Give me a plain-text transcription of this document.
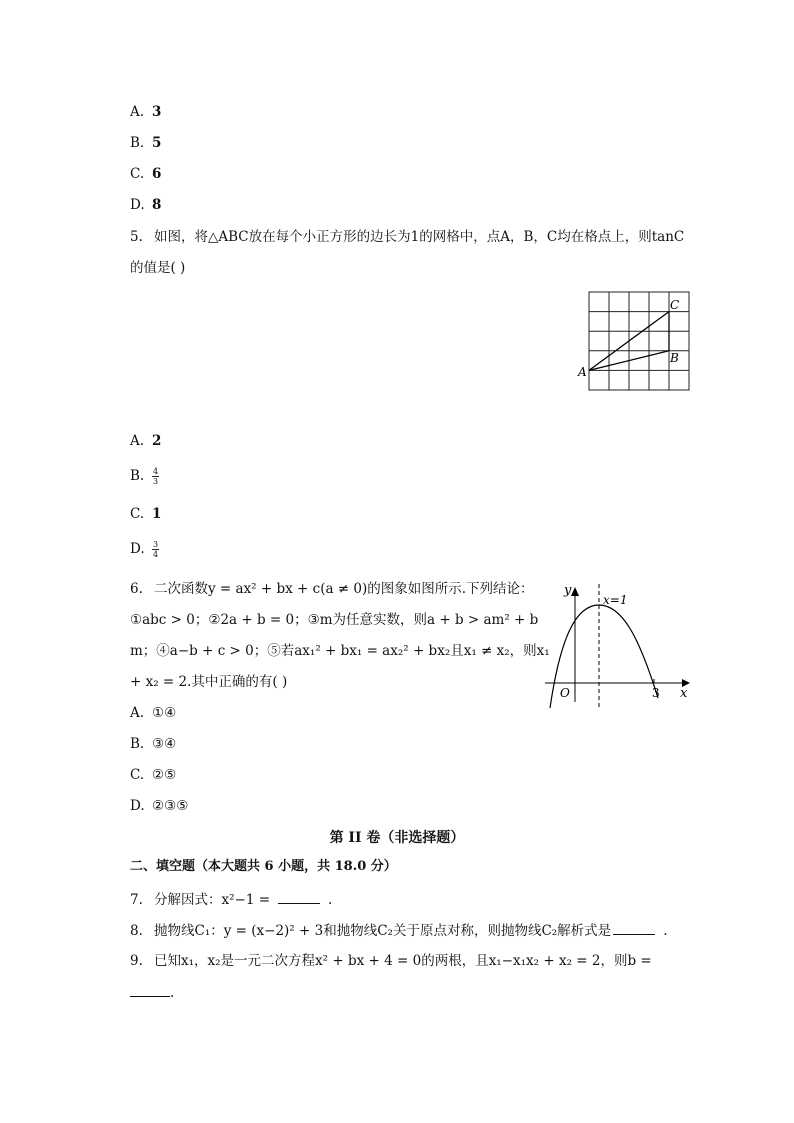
A. 3
B. 5
C. 6
D. 8
5. 如图，将△ABC放在每个小正方形的边长为1的网格中，点A，B，C均在格点上，则tanC
的值是( )
A
B
C
A. 2
B. $\frac{4}{3}$
C. 1
D. $\frac{3}{4}$
6. 二次函数y = ax² + bx + c(a ≠ 0)的图象如图所示.下列结论：
①abc > 0；②2a + b = 0；③m为任意实数，则a + b > am² + b
m；④a−b + c > 0；⑤若ax₁² + bx₁ = ax₂² + bx₂且x₁ ≠ x₂，则x₁
+ x₂ = 2.其中正确的有( )
y
x=1
O	3 x
A. ①④
B. ③④
C. ②⑤
D. ②③⑤
第 II 卷（非选择题）
二、填空题（本大题共 6 小题，共 18.0 分）
7. 分解因式：x²−1 =	.
8. 抛物线C₁：y = (x−2)² + 3和抛物线C₂关于原点对称，则抛物线C₂解析式是	.
9. 已知x₁，x₂是一元二次方程x² + bx + 4 = 0的两根，且x₁−x₁x₂ + x₂ = 2，则b =
.
